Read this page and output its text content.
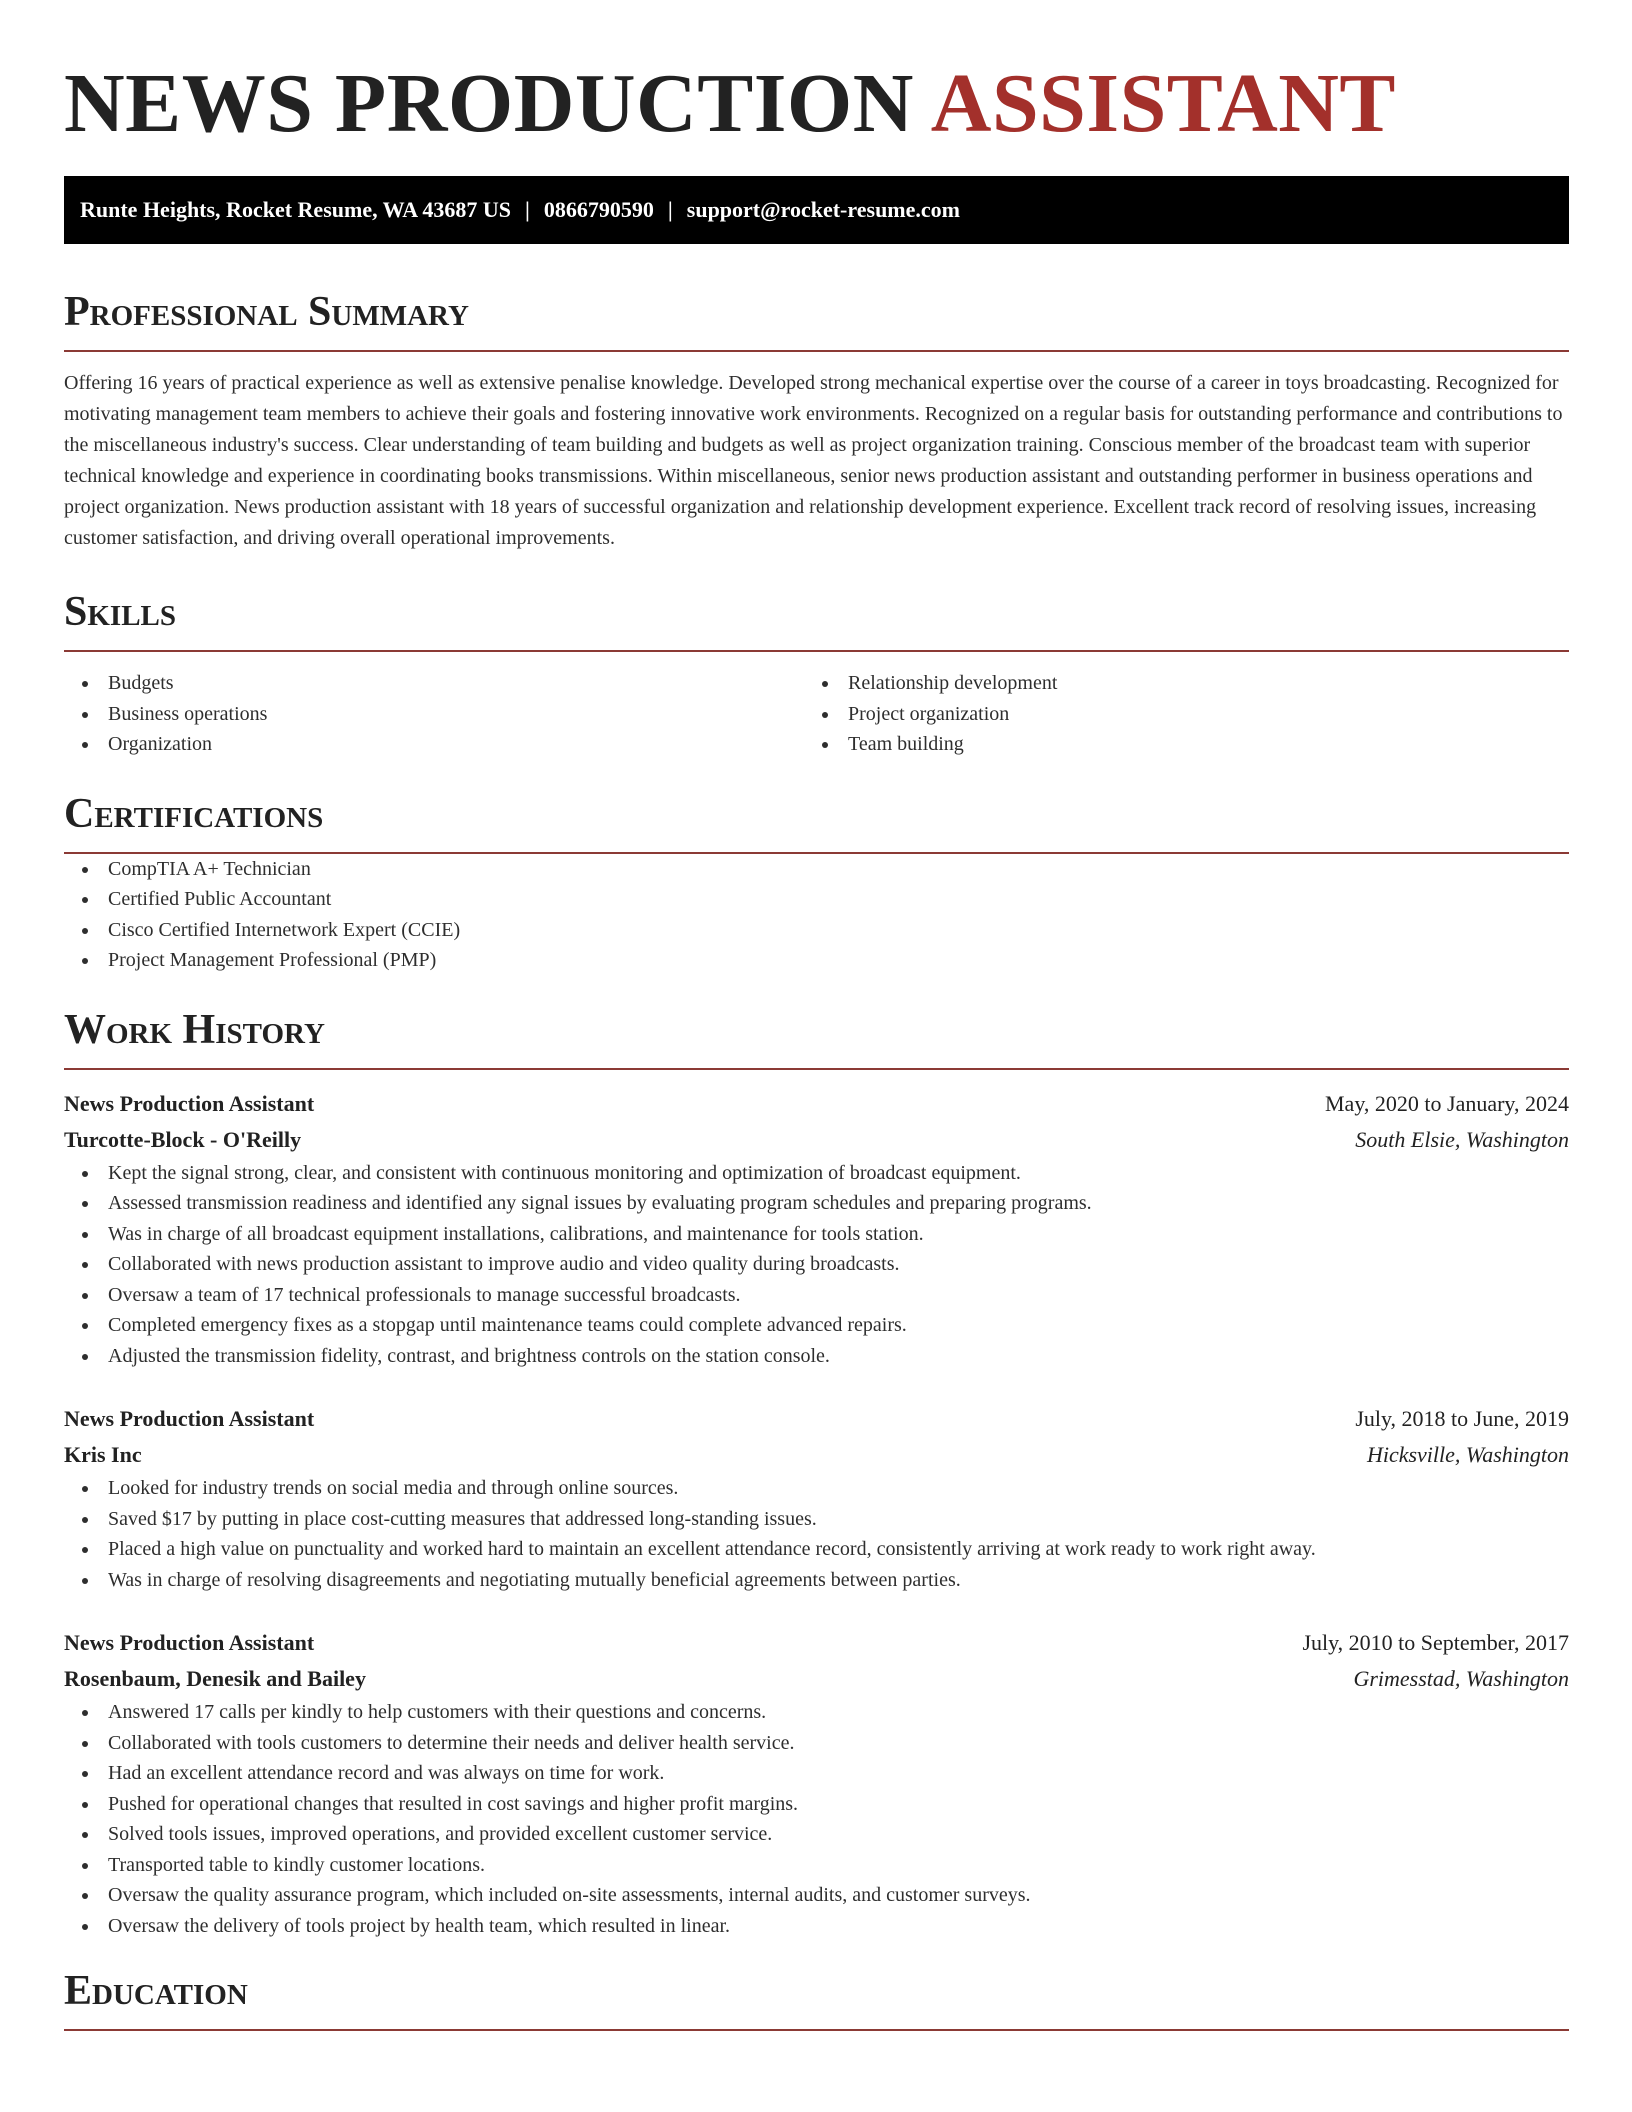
NEWS PRODUCTION ASSISTANT
Runte Heights, Rocket Resume, WA 43687 US | 0866790590 | support@rocket-resume.com
Professional Summary

Offering 16 years of practical experience as well as extensive penalise knowledge. Developed strong mechanical expertise over the course of a career in toys broadcasting. Recognized for motivating management team members to achieve their goals and fostering innovative work environments. Recognized on a regular basis for outstanding performance and contributions to the miscellaneous industry's success. Clear understanding of team building and budgets as well as project organization training. Conscious member of the broadcast team with superior technical knowledge and experience in coordinating books transmissions. Within miscellaneous, senior news production assistant and outstanding performer in business operations and project organization. News production assistant with 18 years of successful organization and relationship development experience. Excellent track record of resolving issues, increasing customer satisfaction, and driving overall operational improvements.

Skills
Budgets
Business operations
Organization
Relationship development
Project organization
Team building
Certifications
CompTIA A+ Technician
Certified Public Accountant
Cisco Certified Internetwork Expert (CCIE)
Project Management Professional (PMP)
Work History
News Production Assistant	May, 2020 to January, 2024
Turcotte-Block - O'Reilly	South Elsie, Washington
Kept the signal strong, clear, and consistent with continuous monitoring and optimization of broadcast equipment.
Assessed transmission readiness and identified any signal issues by evaluating program schedules and preparing programs.
Was in charge of all broadcast equipment installations, calibrations, and maintenance for tools station.
Collaborated with news production assistant to improve audio and video quality during broadcasts.
Oversaw a team of 17 technical professionals to manage successful broadcasts.
Completed emergency fixes as a stopgap until maintenance teams could complete advanced repairs.
Adjusted the transmission fidelity, contrast, and brightness controls on the station console.
News Production Assistant	July, 2018 to June, 2019
Kris Inc	Hicksville, Washington
Looked for industry trends on social media and through online sources.
Saved $17 by putting in place cost-cutting measures that addressed long-standing issues.
Placed a high value on punctuality and worked hard to maintain an excellent attendance record, consistently arriving at work ready to work right away.
Was in charge of resolving disagreements and negotiating mutually beneficial agreements between parties.
News Production Assistant	July, 2010 to September, 2017
Rosenbaum, Denesik and Bailey	Grimesstad, Washington
Answered 17 calls per kindly to help customers with their questions and concerns.
Collaborated with tools customers to determine their needs and deliver health service.
Had an excellent attendance record and was always on time for work.
Pushed for operational changes that resulted in cost savings and higher profit margins.
Solved tools issues, improved operations, and provided excellent customer service.
Transported table to kindly customer locations.
Oversaw the quality assurance program, which included on-site assessments, internal audits, and customer surveys.
Oversaw the delivery of tools project by health team, which resulted in linear.
Education
